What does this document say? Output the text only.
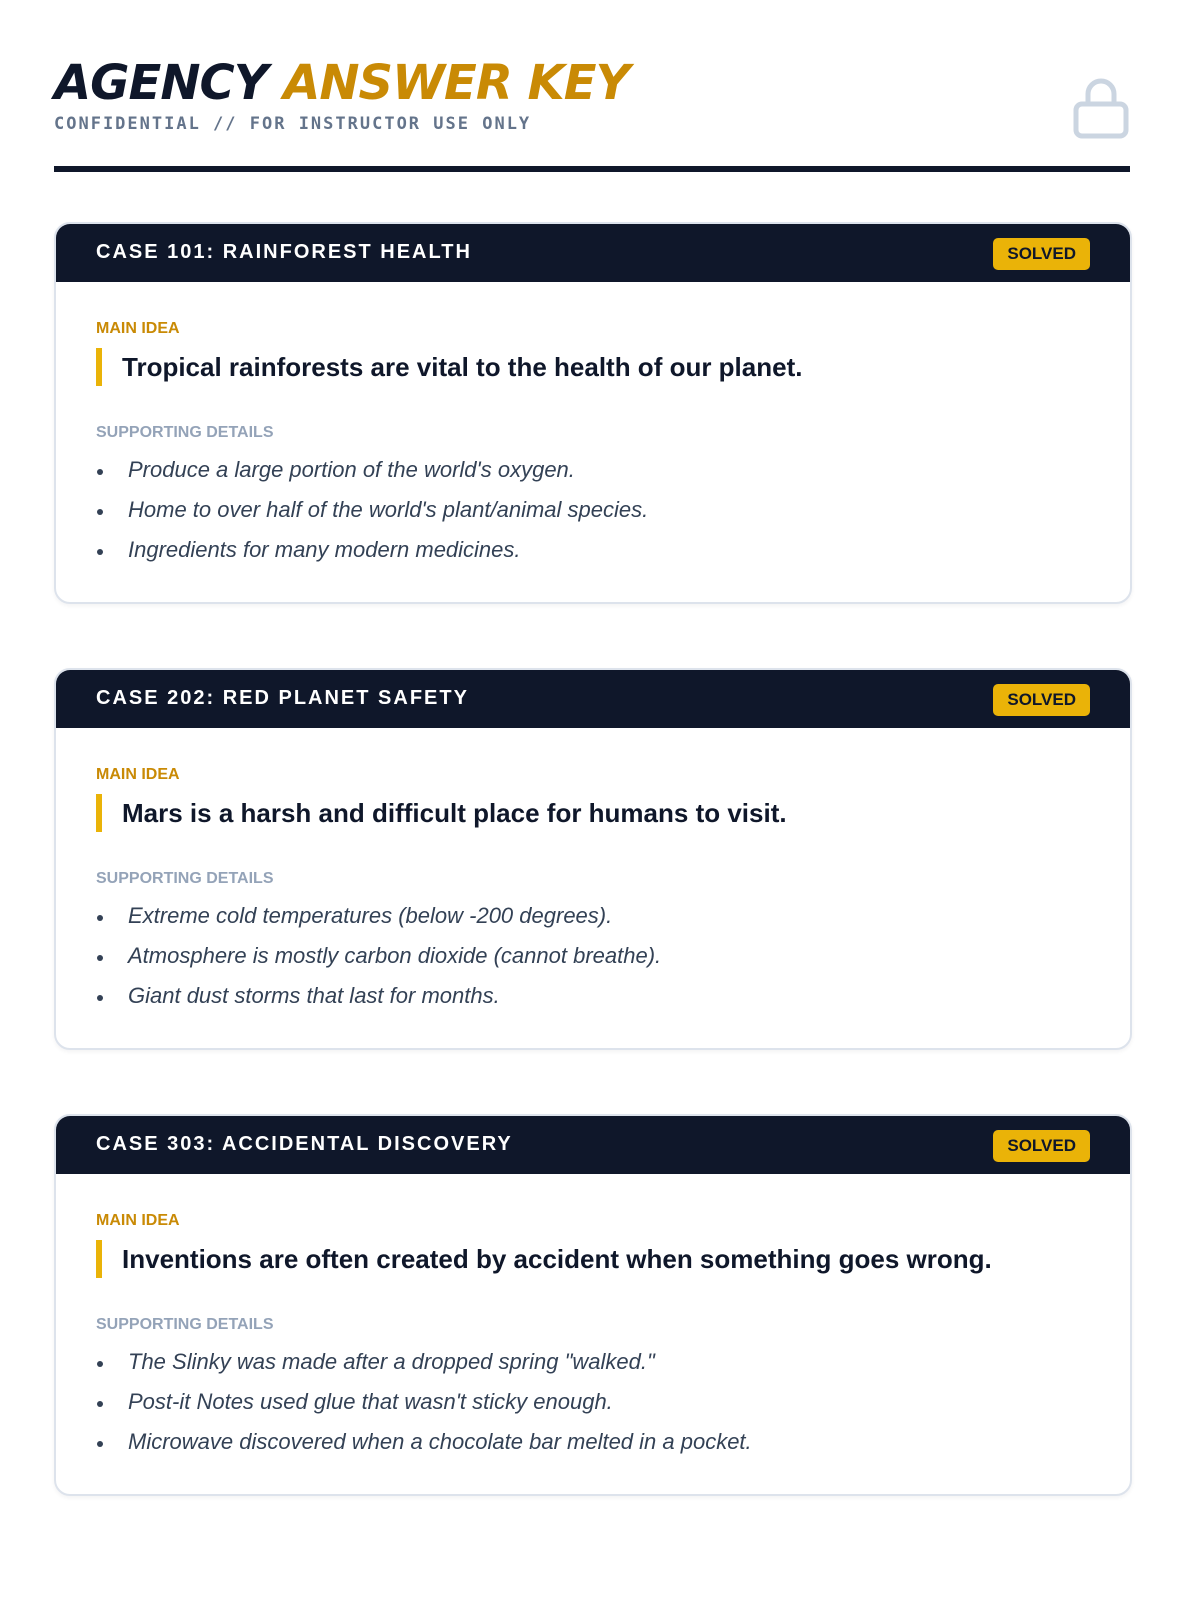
AGENCY ANSWER KEY
CONFIDENTIAL // FOR INSTRUCTOR USE ONLY
CASE 101: RAINFOREST HEALTH	SOLVED
MAIN IDEA
Tropical rainforests are vital to the health of our planet.
SUPPORTING DETAILS
Produce a large portion of the world's oxygen.
Home to over half of the world's plant/animal species.
Ingredients for many modern medicines.
CASE 202: RED PLANET SAFETY	SOLVED
MAIN IDEA
Mars is a harsh and difficult place for humans to visit.
SUPPORTING DETAILS
Extreme cold temperatures (below -200 degrees).
Atmosphere is mostly carbon dioxide (cannot breathe).
Giant dust storms that last for months.
CASE 303: ACCIDENTAL DISCOVERY	SOLVED
MAIN IDEA
Inventions are often created by accident when something goes wrong.
SUPPORTING DETAILS
The Slinky was made after a dropped spring "walked."
Post-it Notes used glue that wasn't sticky enough.
Microwave discovered when a chocolate bar melted in a pocket.
